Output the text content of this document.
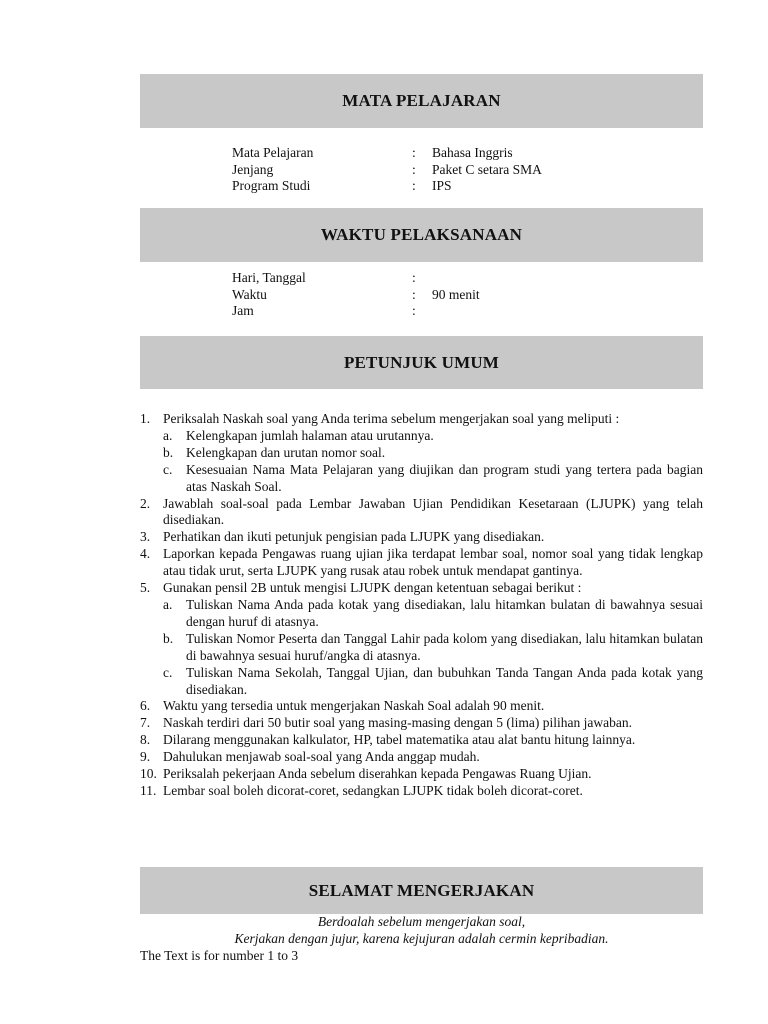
MATA PELAJARAN
Mata Pelajaran	:	Bahasa Inggris
Jenjang	:	Paket C setara SMA
Program Studi	:	IPS
WAKTU PELAKSANAAN
Hari, Tanggal	:
Waktu	:	90 menit
Jam	:
PETUNJUK UMUM
1. Periksalah Naskah soal yang Anda terima sebelum mengerjakan soal yang meliputi :
a.	Kelengkapan jumlah halaman atau urutannya.
b. Kelengkapan dan urutan nomor soal.
c.	Kesesuaian Nama Mata Pelajaran yang diujikan dan program studi yang tertera pada bagian atas Naskah Soal.
2. Jawablah soal-soal pada Lembar Jawaban Ujian Pendidikan Kesetaraan (LJUPK) yang telah disediakan.
3. Perhatikan dan ikuti petunjuk pengisian pada LJUPK yang disediakan.
4. Laporkan kepada Pengawas ruang ujian jika terdapat lembar soal, nomor soal yang tidak lengkap atau tidak urut, serta LJUPK yang rusak atau robek untuk mendapat gantinya.
5. Gunakan pensil 2B untuk mengisi LJUPK dengan ketentuan sebagai berikut :
a.	Tuliskan Nama Anda pada kotak yang disediakan, lalu hitamkan bulatan di bawahnya sesuai dengan huruf di atasnya.
b. Tuliskan Nomor Peserta dan Tanggal Lahir pada kolom yang disediakan, lalu hitamkan bulatan di bawahnya sesuai huruf/angka di atasnya.
c.	Tuliskan Nama Sekolah, Tanggal Ujian, dan bubuhkan Tanda Tangan Anda pada kotak yang disediakan.
6. Waktu yang tersedia untuk mengerjakan Naskah Soal adalah 90 menit.
7. Naskah terdiri dari 50 butir soal yang masing-masing dengan 5 (lima) pilihan jawaban.
8. Dilarang menggunakan kalkulator, HP, tabel matematika atau alat bantu hitung lainnya.
9. Dahulukan menjawab soal-soal yang Anda anggap mudah.
10. Periksalah pekerjaan Anda sebelum diserahkan kepada Pengawas Ruang Ujian.
11. Lembar soal boleh dicorat-coret, sedangkan LJUPK tidak boleh dicorat-coret.
SELAMAT MENGERJAKAN
Berdoalah sebelum mengerjakan soal,
Kerjakan dengan jujur, karena kejujuran adalah cermin kepribadian.
The Text is for number 1 to 3
